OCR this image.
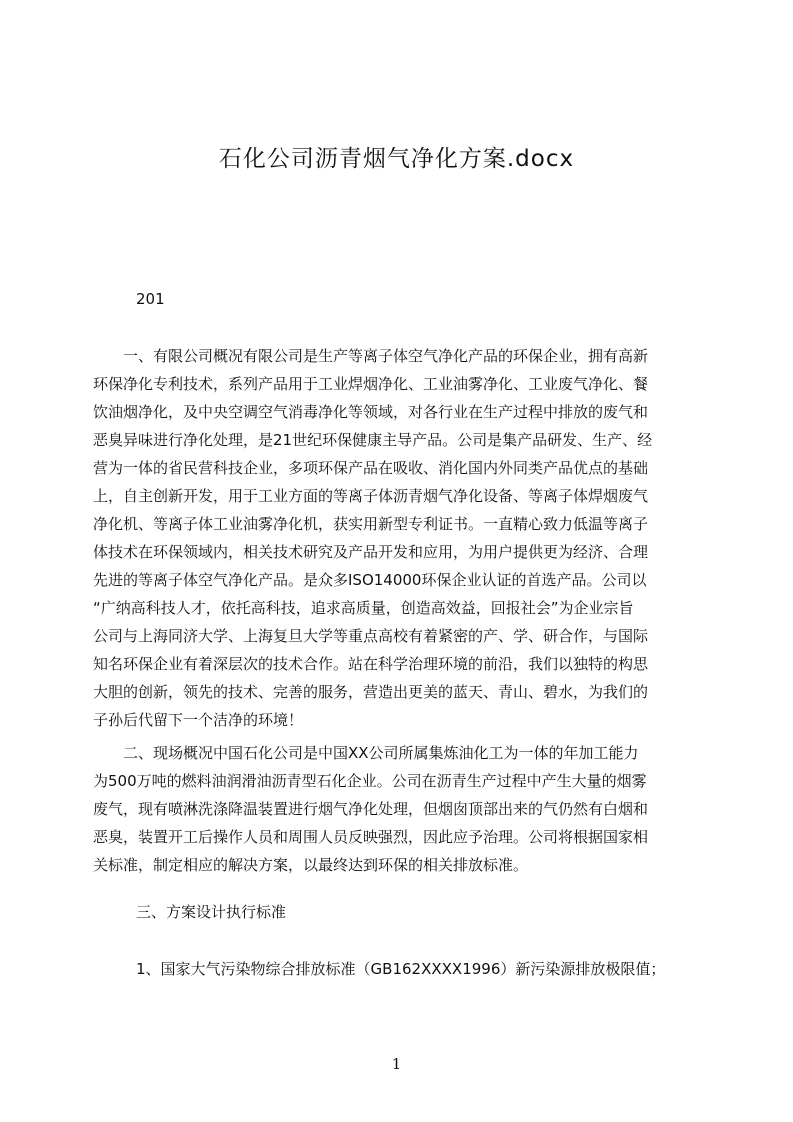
石化公司沥青烟气净化方案.docx

201

　　一、有限公司概况有限公司是生产等离子体空气净化产品的环保企业，拥有高新
环保净化专利技术，系列产品用于工业焊烟净化、工业油雾净化、工业废气净化、餐
饮油烟净化，及中央空调空气消毒净化等领域，对各行业在生产过程中排放的废气和
恶臭异味进行净化处理，是21世纪环保健康主导产品。公司是集产品研发、生产、经
营为一体的省民营科技企业，多项环保产品在吸收、消化国内外同类产品优点的基础
上，自主创新开发，用于工业方面的等离子体沥青烟气净化设备、等离子体焊烟废气
净化机、等离子体工业油雾净化机，获实用新型专利证书。一直精心致力低温等离子
体技术在环保领域内，相关技术研究及产品开发和应用，为用户提供更为经济、合理
先进的等离子体空气净化产品。是众多ISO14000环保企业认证的首选产品。公司以
“广纳高科技人才，依托高科技，追求高质量，创造高效益，回报社会”为企业宗旨
公司与上海同济大学、上海复旦大学等重点高校有着紧密的产、学、研合作，与国际
知名环保企业有着深层次的技术合作。站在科学治理环境的前沿，我们以独特的构思
大胆的创新，领先的技术、完善的服务，营造出更美的蓝天、青山、碧水，为我们的
子孙后代留下一个洁净的环境！
　　二、现场概况中国石化公司是中国XX公司所属集炼油化工为一体的年加工能力
为500万吨的燃料油润滑油沥青型石化企业。公司在沥青生产过程中产生大量的烟雾
废气，现有喷淋洗涤降温装置进行烟气净化处理，但烟囱顶部出来的气仍然有白烟和
恶臭，装置开工后操作人员和周围人员反映强烈，因此应予治理。公司将根据国家相
关标准，制定相应的解决方案，以最终达到环保的相关排放标准。

三、方案设计执行标准

1、国家大气污染物综合排放标准（GB162XXXX1996）新污染源排放极限值；

1
